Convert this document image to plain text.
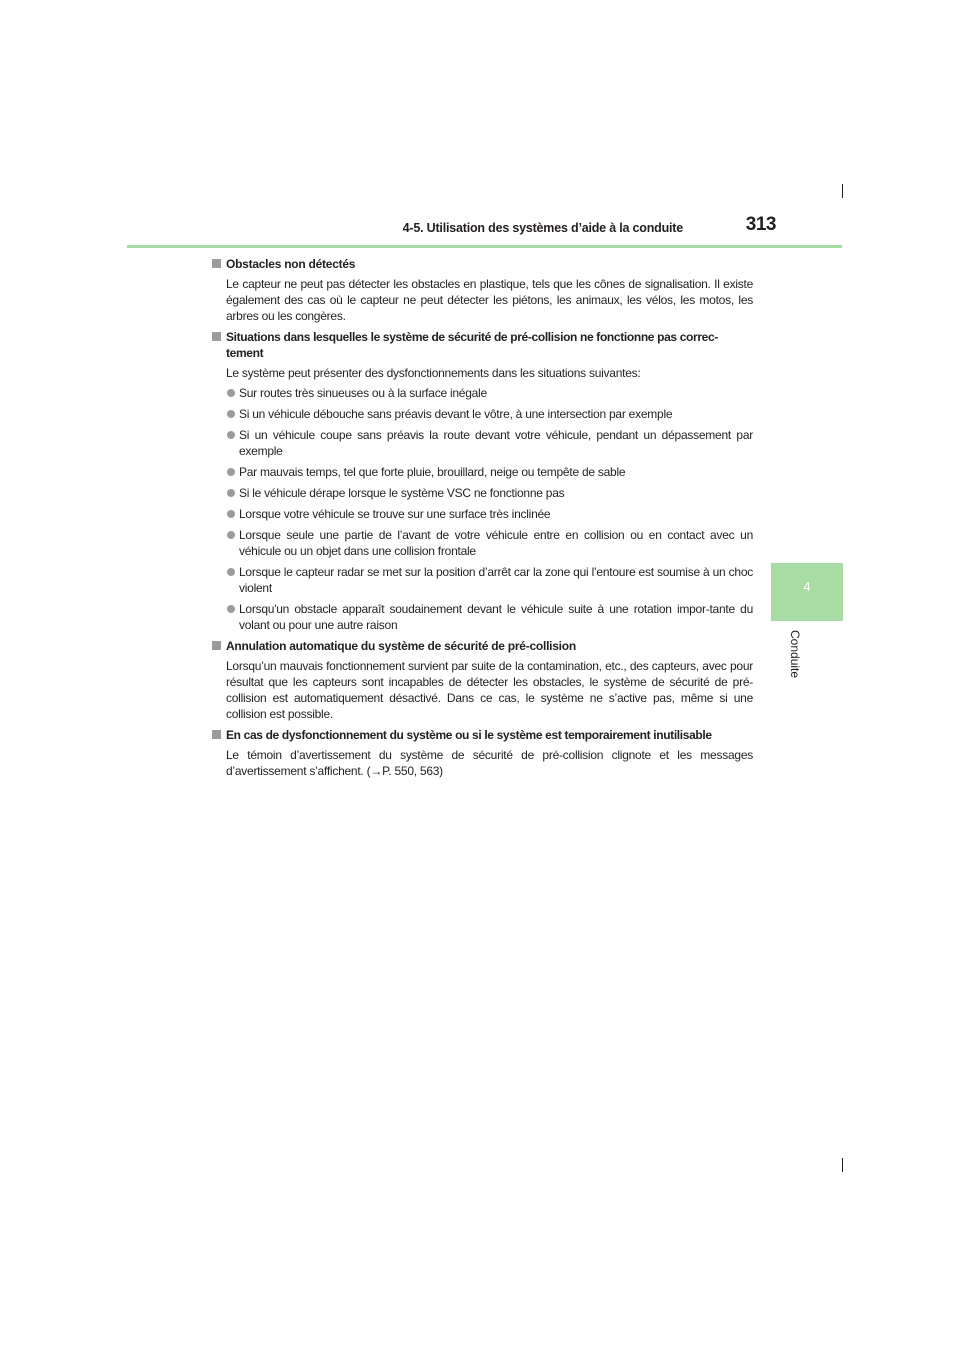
4-5. Utilisation des systèmes d’aide à la conduite	313
4
Conduite
Obstacles non détectés
Le capteur ne peut pas détecter les obstacles en plastique, tels que les cônes de signalisation. Il existe également des cas où le capteur ne peut détecter les piétons, les animaux, les vélos, les motos, les arbres ou les congères.
Situations dans lesquelles le système de sécurité de pré-collision ne fonctionne pas correc-tement
Le système peut présenter des dysfonctionnements dans les situations suivantes:
Sur routes très sinueuses ou à la surface inégale
Si un véhicule débouche sans préavis devant le vôtre, à une intersection par exemple
Si un véhicule coupe sans préavis la route devant votre véhicule, pendant un dépassement par exemple
Par mauvais temps, tel que forte pluie, brouillard, neige ou tempête de sable
Si le véhicule dérape lorsque le système VSC ne fonctionne pas
Lorsque votre véhicule se trouve sur une surface très inclinée
Lorsque seule une partie de l’avant de votre véhicule entre en collision ou en contact avec un véhicule ou un objet dans une collision frontale
Lorsque le capteur radar se met sur la position d’arrêt car la zone qui l’entoure est soumise à un choc violent
Lorsqu'un obstacle apparaît soudainement devant le véhicule suite à une rotation impor-tante du volant ou pour une autre raison
Annulation automatique du système de sécurité de pré-collision
Lorsqu’un mauvais fonctionnement survient par suite de la contamination, etc., des capteurs, avec pour résultat que les capteurs sont incapables de détecter les obstacles, le système de sécurité de pré-collision est automatiquement désactivé. Dans ce cas, le système ne s’active pas, même si une collision est possible.
En cas de dysfonctionnement du système ou si le système est temporairement inutilisable
Le témoin d’avertissement du système de sécurité de pré-collision clignote et les messages d’avertissement s’affichent. (→P. 550, 563)
